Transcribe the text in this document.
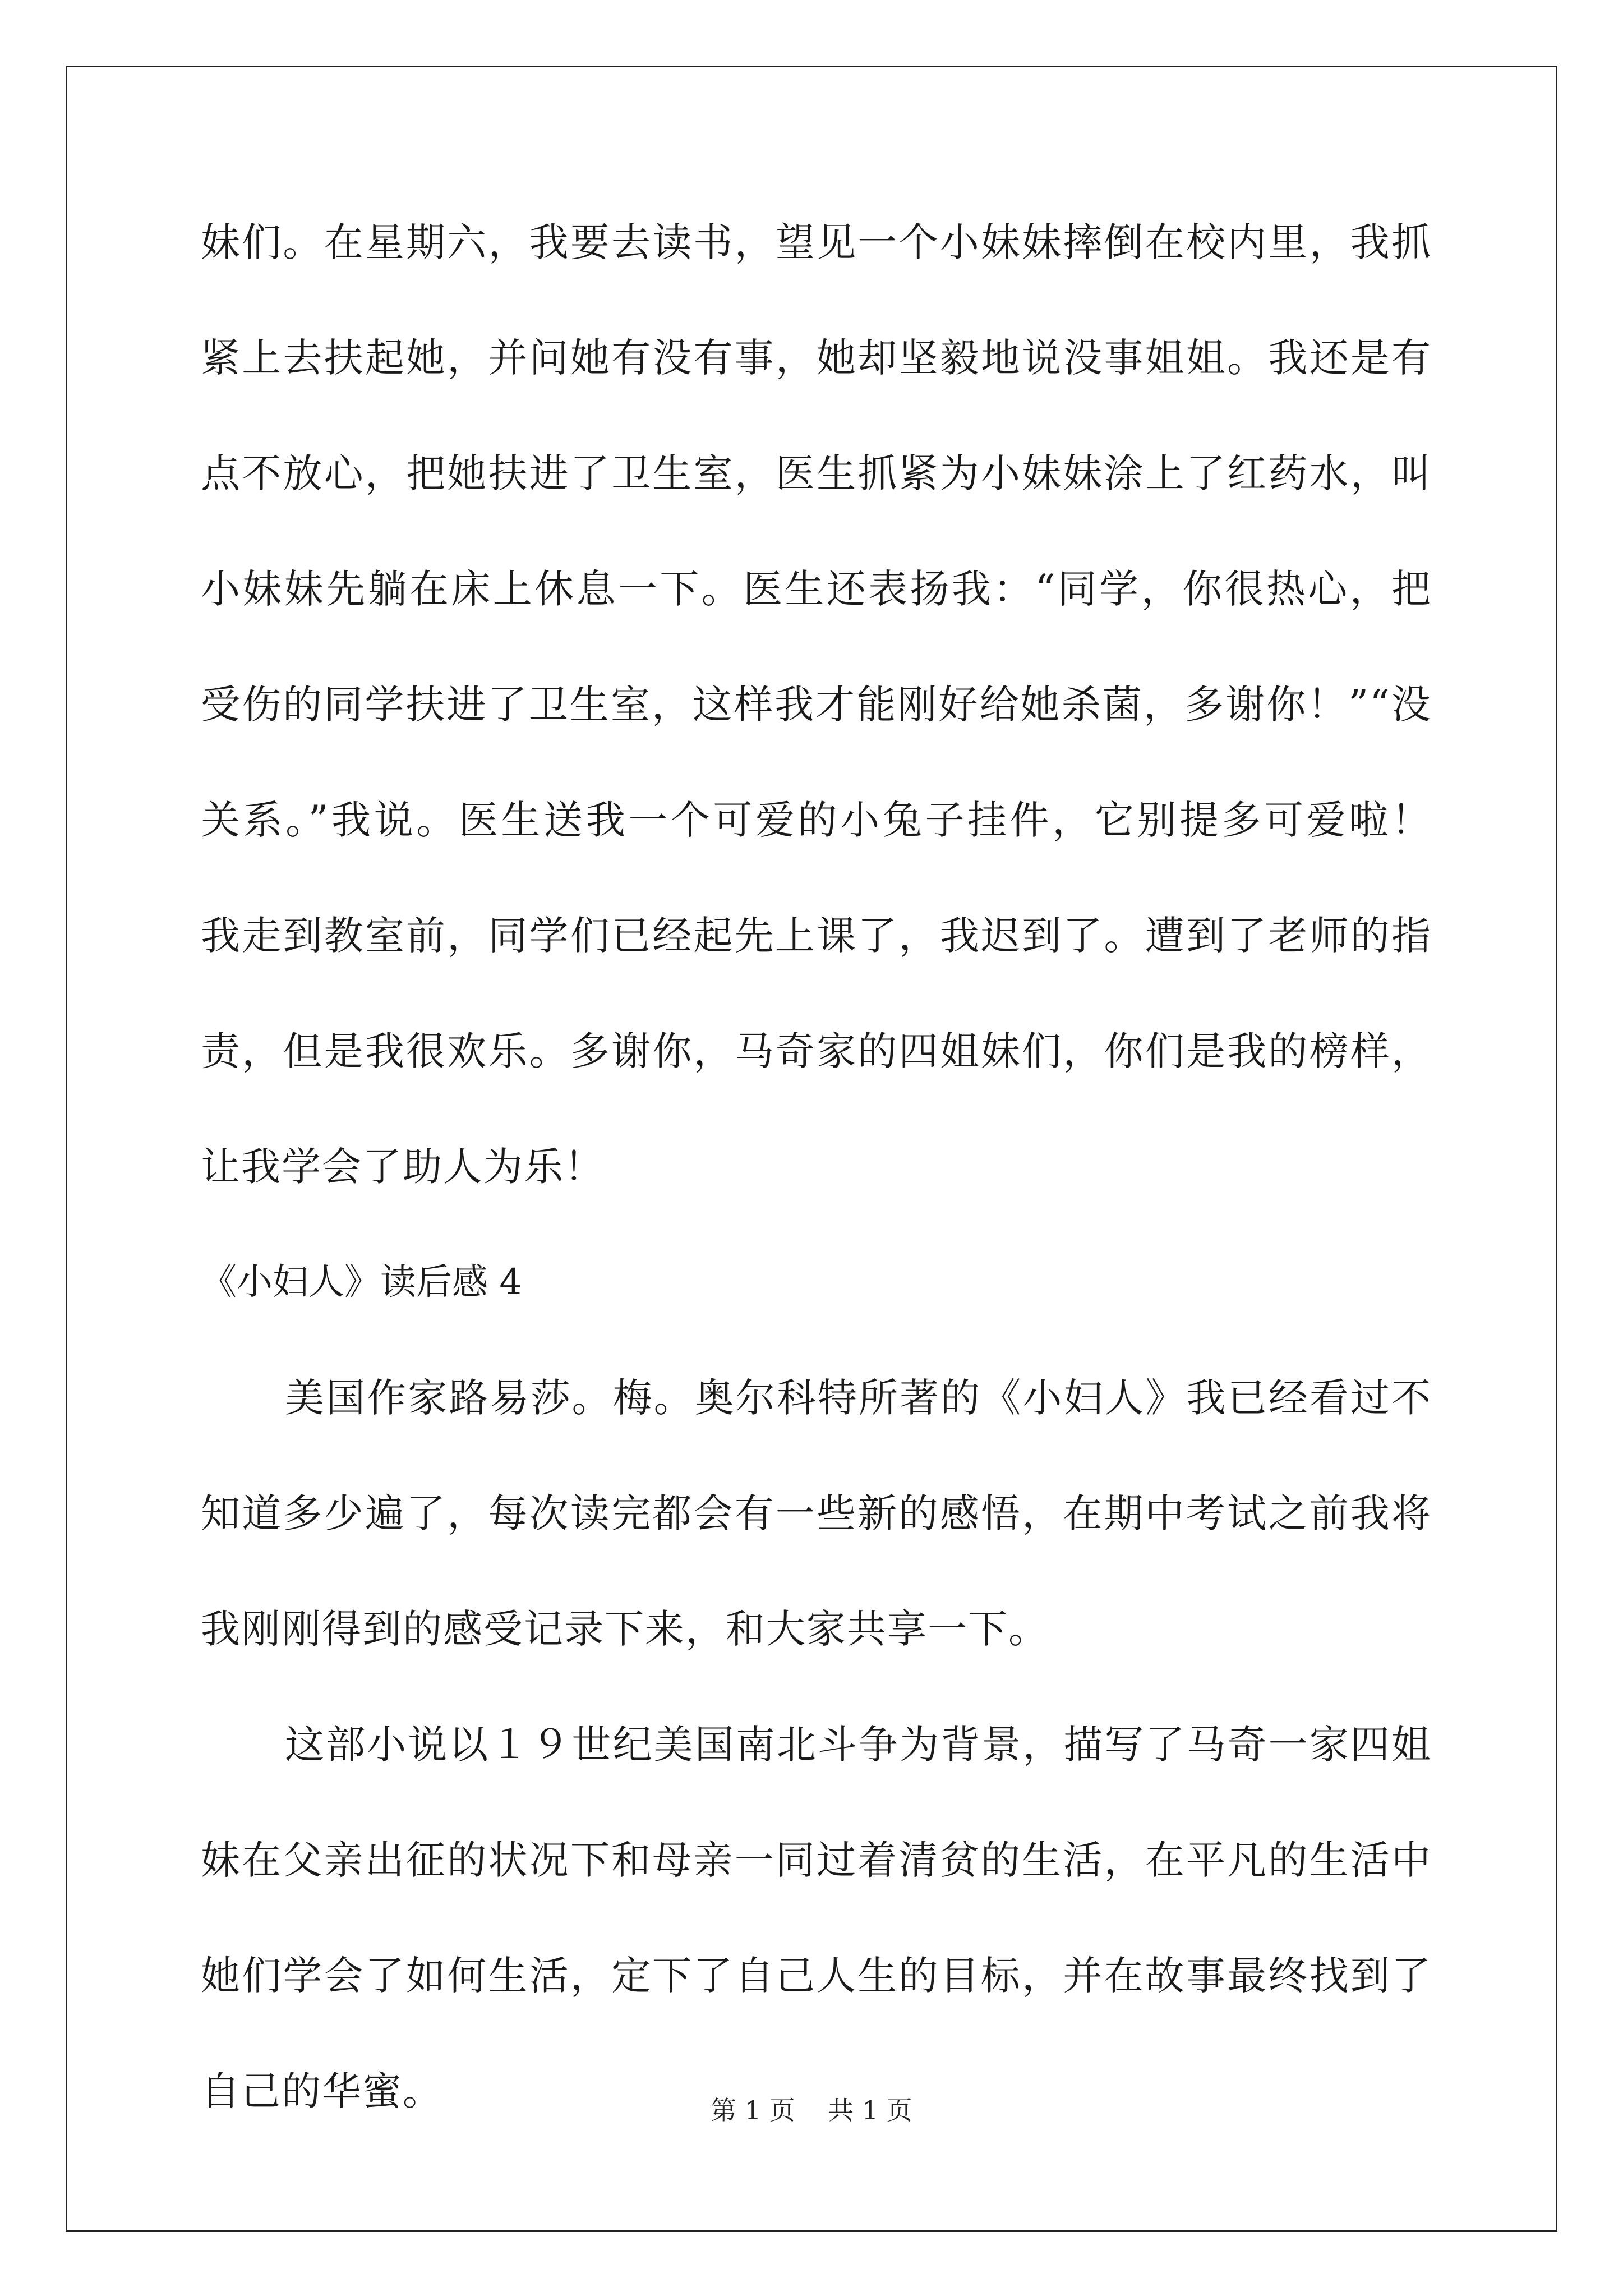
妹们。在星期六，我要去读书，望见一个小妹妹摔倒在校内里，我抓
紧上去扶起她，并问她有没有事，她却坚毅地说没事姐姐。我还是有
点不放心，把她扶进了卫生室，医生抓紧为小妹妹涂上了红药水，叫
小妹妹先躺在床上休息一下。医生还表扬我：“同学，你很热心，把
受伤的同学扶进了卫生室，这样我才能刚好给她杀菌，多谢你！”“没
关系。”我说。医生送我一个可爱的小兔子挂件，它别提多可爱啦！
我走到教室前，同学们已经起先上课了，我迟到了。遭到了老师的指
责，但是我很欢乐。多谢你，马奇家的四姐妹们，你们是我的榜样，
让我学会了助人为乐！
《小妇人》读后感 4
美国作家路易莎。梅。奥尔科特所著的《小妇人》我已经看过不
知道多少遍了，每次读完都会有一些新的感悟，在期中考试之前我将
我刚刚得到的感受记录下来，和大家共享一下。
这部小说以１９世纪美国南北斗争为背景，描写了马奇一家四姐
妹在父亲出征的状况下和母亲一同过着清贫的生活，在平凡的生活中
她们学会了如何生活，定下了自己人生的目标，并在故事最终找到了
自己的华蜜。	第 1 页    共 1 页
